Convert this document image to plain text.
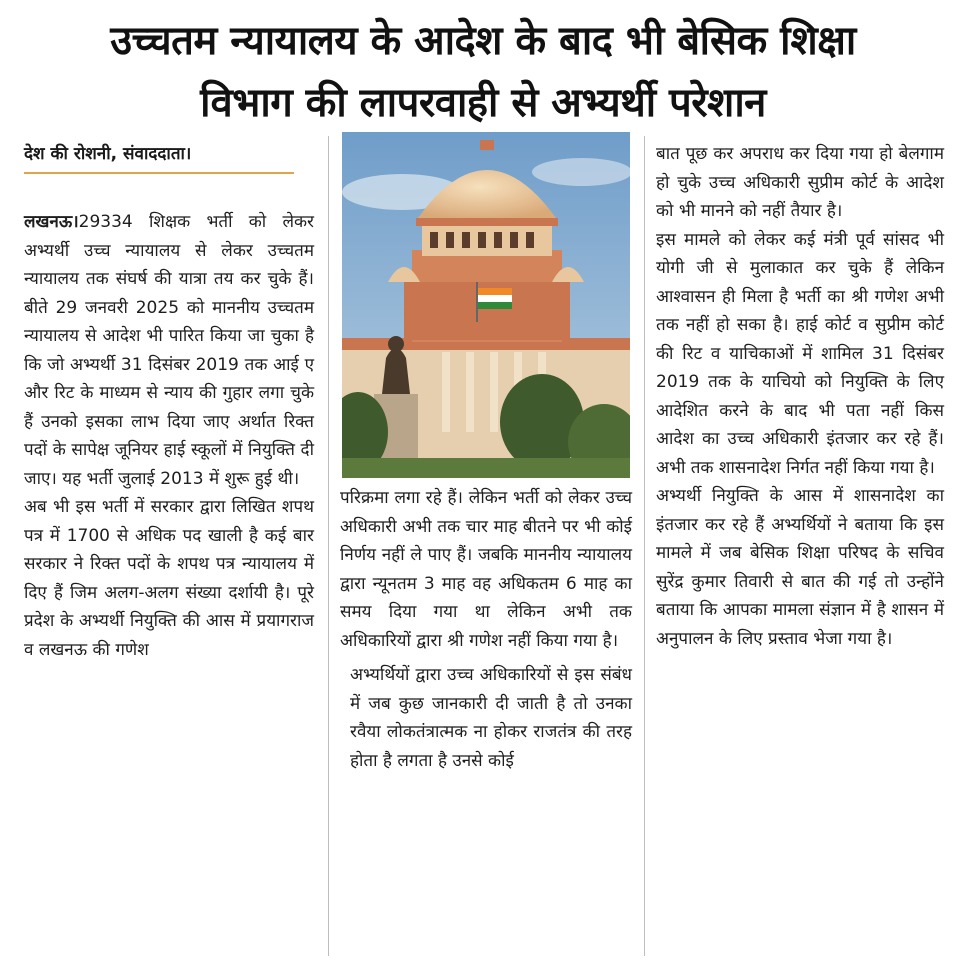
उच्चतम न्यायालय के आदेश के बाद भी बेसिक शिक्षा
विभाग की लापरवाही से अभ्यर्थी परेशान
देश की रोशनी, संवाददाता।

लखनऊ।29334 शिक्षक भर्ती को लेकर अभ्यर्थी उच्च न्यायालय से लेकर उच्चतम न्यायालय तक संघर्ष की यात्रा तय कर चुके हैं। बीते 29 जनवरी 2025 को माननीय उच्चतम न्यायालय से आदेश भी पारित किया जा चुका है कि जो अभ्यर्थी 31 दिसंबर 2019 तक आई ए और रिट के माध्यम से न्याय की गुहार लगा चुके हैं उनको इसका लाभ दिया जाए अर्थात रिक्त पदों के सापेक्ष जूनियर हाई स्कूलों में नियुक्ति दी जाए। यह भर्ती जुलाई 2013 में शुरू हुई थी।

अब भी इस भर्ती में सरकार द्वारा लिखित शपथ पत्र में 1700 से अधिक पद खाली है कई बार सरकार ने रिक्त पदों के शपथ पत्र न्यायालय में दिए हैं जिम अलग-अलग संख्या दर्शायी है। पूरे प्रदेश के अभ्यर्थी नियुक्ति की आस में प्रयागराज व लखनऊ की गणेश

परिक्रमा लगा रहे हैं। लेकिन भर्ती को लेकर उच्च अधिकारी अभी तक चार माह बीतने पर भी कोई निर्णय नहीं ले पाए हैं। जबकि माननीय न्यायालय द्वारा न्यूनतम 3 माह वह अधिकतम 6 माह का समय दिया गया था लेकिन अभी तक अधिकारियों द्वारा श्री गणेश नहीं किया गया है।

अभ्यर्थियों द्वारा उच्च अधिकारियों से इस संबंध में जब कुछ जानकारी दी जाती है तो उनका रवैया लोकतंत्रात्मक ना होकर राजतंत्र की तरह होता है लगता है उनसे कोई

बात पूछ कर अपराध कर दिया गया हो बेलगाम हो चुके उच्च अधिकारी सुप्रीम कोर्ट के आदेश को भी मानने को नहीं तैयार है।

इस मामले को लेकर कई मंत्री पूर्व सांसद भी योगी जी से मुलाकात कर चुके हैं लेकिन आश्वासन ही मिला है भर्ती का श्री गणेश अभी तक नहीं हो सका है। हाई कोर्ट व सुप्रीम कोर्ट की रिट व याचिकाओं में शामिल 31 दिसंबर 2019 तक के याचियो को नियुक्ति के लिए आदेशित करने के बाद भी पता नहीं किस आदेश का उच्च अधिकारी इंतजार कर रहे हैं। अभी तक शासनादेश निर्गत नहीं किया गया है।

अभ्यर्थी नियुक्ति के आस में शासनादेश का इंतजार कर रहे हैं अभ्यर्थियों ने बताया कि इस मामले में जब बेसिक शिक्षा परिषद के सचिव सुरेंद्र कुमार तिवारी से बात की गई तो उन्होंने बताया कि आपका मामला संज्ञान में है शासन में अनुपालन के लिए प्रस्ताव भेजा गया है।
